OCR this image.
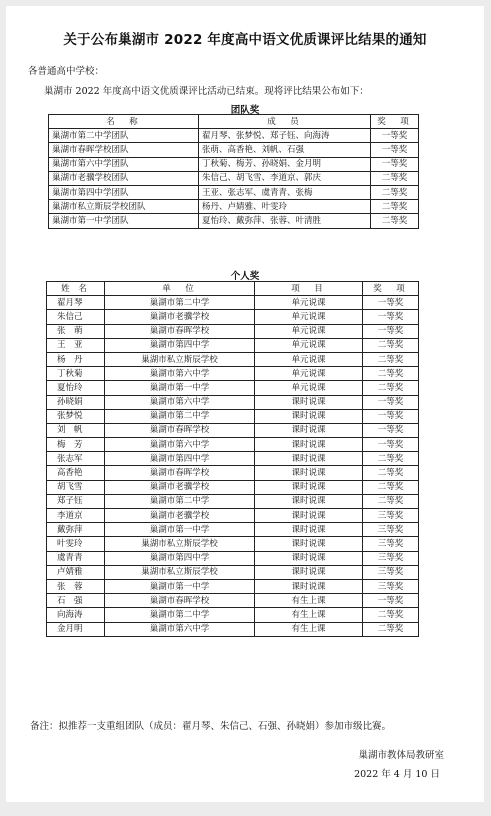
关于公布巢湖市 2022 年度高中语文优质课评比结果的通知
各普通高中学校：
巢湖市 2022 年度高中语文优质课评比活动已结束。现将评比结果公布如下：
团队奖
名　称	成　员	奖　项
巢湖市第二中学团队	翟月琴、张梦悦、郑子钰、向海涛	一等奖
巢湖市春晖学校团队	张萌、高香艳、刘帆、石强	一等奖
巢湖市第六中学团队	丁秋菊、梅芳、孙晓娟、金月明	一等奖
巢湖市老骥学校团队	朱信己、胡飞雪、李道京、郭庆	二等奖
巢湖市第四中学团队	王亚、张志军、虞青青、张梅	二等奖
巢湖市私立斯辰学校团队	杨丹、卢婧雅、叶雯玲	二等奖
巢湖市第一中学团队	夏怡玲、戴弥萍、张蓉、叶清胜	二等奖
个人奖
姓 名	单　位	项　目	奖　项
翟月琴	巢湖市第二中学	单元说课	一等奖
朱信己	巢湖市老骥学校	单元说课	一等奖
张　萌	巢湖市春晖学校	单元说课	一等奖
王　亚	巢湖市第四中学	单元说课	二等奖
杨　丹	巢湖市私立斯辰学校	单元说课	二等奖
丁秋菊	巢湖市第六中学	单元说课	二等奖
夏怡玲	巢湖市第一中学	单元说课	二等奖
孙晓娟	巢湖市第六中学	课时说课	一等奖
张梦悦	巢湖市第二中学	课时说课	一等奖
刘　帆	巢湖市春晖学校	课时说课	一等奖
梅　芳	巢湖市第六中学	课时说课	一等奖
张志军	巢湖市第四中学	课时说课	二等奖
高香艳	巢湖市春晖学校	课时说课	二等奖
胡飞雪	巢湖市老骥学校	课时说课	二等奖
郑子钰	巢湖市第二中学	课时说课	二等奖
李道京	巢湖市老骥学校	课时说课	三等奖
戴弥萍	巢湖市第一中学	课时说课	三等奖
叶雯玲	巢湖市私立斯辰学校	课时说课	三等奖
虞青青	巢湖市第四中学	课时说课	三等奖
卢婧雅	巢湖市私立斯辰学校	课时说课	三等奖
张　蓉	巢湖市第一中学	课时说课	三等奖
石　强	巢湖市春晖学校	有生上课	一等奖
向海涛	巢湖市第二中学	有生上课	二等奖
金月明	巢湖市第六中学	有生上课	二等奖
备注：拟推荐一支重组团队（成员：翟月琴、朱信己、石强、孙晓娟）参加市级比赛。
巢湖市教体局教研室
2022 年 4 月 10 日
